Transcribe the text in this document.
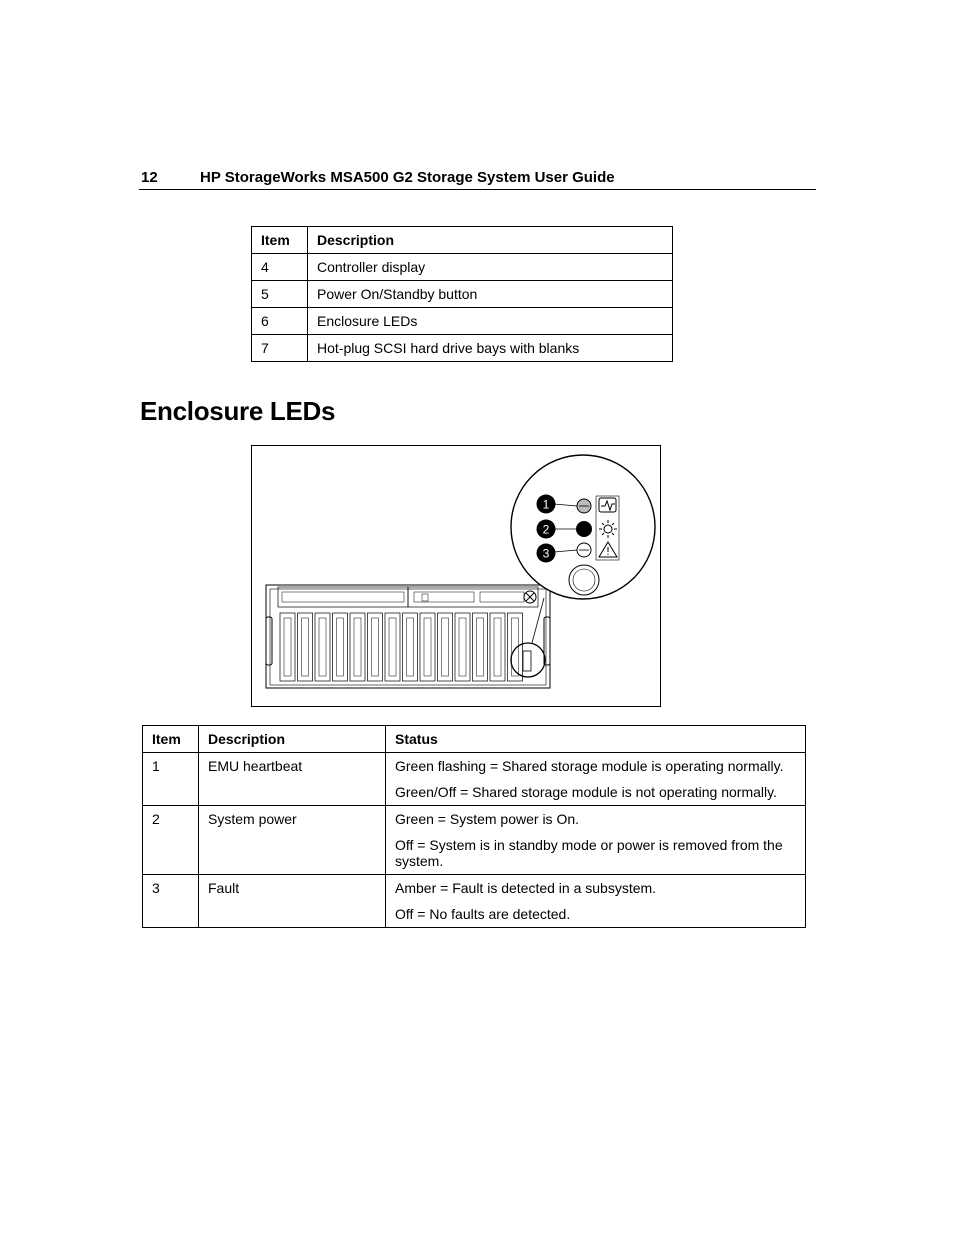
12	HP StorageWorks MSA500 G2 Storage System User Guide
Item	Description
4	Controller display
5	Power On/Standby button
6	Enclosure LEDs
7	Hot-plug SCSI hard drive bays with blanks
Enclosure LEDs
1
2
3
Item	Description	Status
1	EMU heartbeat	Green flashing = Shared storage module is operating normally.

Green/Off = Shared storage module is not operating normally.

2	System power	Green = System power is On.

Off = System is in standby mode or power is removed from the system.

3	Fault	Amber = Fault is detected in a subsystem.

Off = No faults are detected.
